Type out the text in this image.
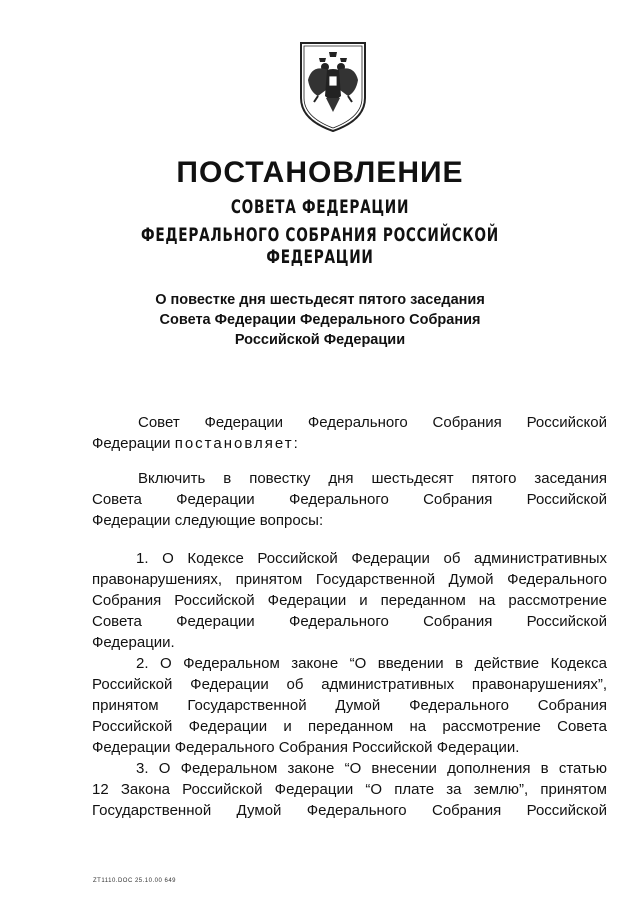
ПОСТАНОВЛЕНИЕ
СОВЕТА ФЕДЕРАЦИИ
ФЕДЕРАЛЬНОГО СОБРАНИЯ РОССИЙСКОЙ ФЕДЕРАЦИИ
О повестке дня шестьдесят пятого заседания
Совета Федерации Федерального Собрания
Российской Федерации
Совет Федерации Федерального Собрания Российской
Федерации постановляет:
Включить в повестку дня шестьдесят пятого заседания
Совета Федерации Федерального Собрания Российской
Федерации следующие вопросы:
1. О Кодексе Российской Федерации об административных
правонарушениях, принятом Государственной Думой Федерального
Собрания Российской Федерации и переданном на рассмотрение
Совета Федерации Федерального Собрания Российской
Федерации.
2. О Федеральном законе “О введении в действие Кодекса
Российской Федерации об административных правонарушениях”,
принятом Государственной Думой Федерального Собрания
Российской Федерации и переданном на рассмотрение Совета
Федерации Федерального Собрания Российской Федерации.
3. О Федеральном законе “О внесении дополнения в статью
12 Закона Российской Федерации “О плате за землю”, принятом
Государственной Думой Федерального Собрания Российской
ZT1110.DOC 25.10.00 649
